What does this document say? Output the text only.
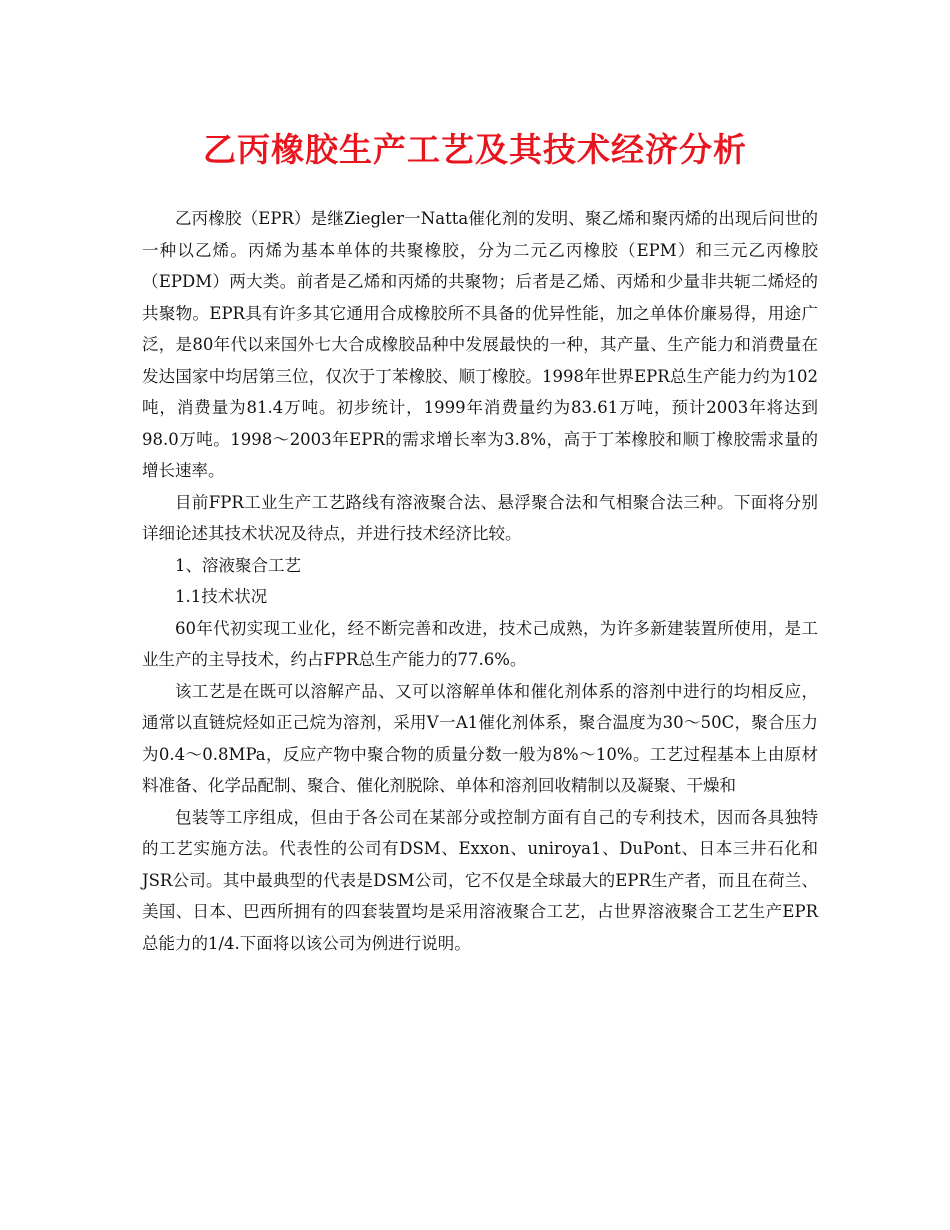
乙丙橡胶生产工艺及其技术经济分析

乙丙橡胶（EPR）是继Ziegler一Natta催化剂的发明、聚乙烯和聚丙烯的出现后问世的一种以乙烯。丙烯为基本单体的共聚橡胶，分为二元乙丙橡胶（EPM）和三元乙丙橡胶（EPDM）两大类。前者是乙烯和丙烯的共聚物；后者是乙烯、丙烯和少量非共轭二烯烃的共聚物。EPR具有许多其它通用合成橡胶所不具备的优异性能，加之单体价廉易得，用途广泛，是80年代以来国外七大合成橡胶品种中发展最快的一种，其产量、生产能力和消费量在发达国家中均居第三位，仅次于丁苯橡胶、顺丁橡胶。1998年世界EPR总生产能力约为102吨，消费量为81.4万吨。初步统计，1999年消费量约为83.61万吨，预计2003年将达到98.0万吨。1998～2003年EPR的需求增长率为3.8%，高于丁苯橡胶和顺丁橡胶需求量的增长速率。

目前FPR工业生产工艺路线有溶液聚合法、悬浮聚合法和气相聚合法三种。下面将分别详细论述其技术状况及待点，并进行技术经济比较。

1、溶液聚合工艺

1.1技术状况

60年代初实现工业化，经不断完善和改进，技术己成熟，为许多新建装置所使用，是工业生产的主导技术，约占FPR总生产能力的77.6%。

该工艺是在既可以溶解产品、又可以溶解单体和催化剂体系的溶剂中进行的均相反应，通常以直链烷烃如正己烷为溶剂，采用V一A1催化剂体系，聚合温度为30～50C，聚合压力为0.4～0.8MPa，反应产物中聚合物的质量分数一般为8%～10%。工艺过程基本上由原材料准备、化学品配制、聚合、催化剂脱除、单体和溶剂回收精制以及凝聚、干燥和

包装等工序组成，但由于各公司在某部分或控制方面有自己的专利技术，因而各具独特的工艺实施方法。代表性的公司有DSM、Exxon、uniroya1、DuPont、日本三井石化和JSR公司。其中最典型的代表是DSM公司，它不仅是全球最大的EPR生产者，而且在荷兰、美国、日本、巴西所拥有的四套装置均是采用溶液聚合工艺，占世界溶液聚合工艺生产EPR总能力的1/4.下面将以该公司为例进行说明。
